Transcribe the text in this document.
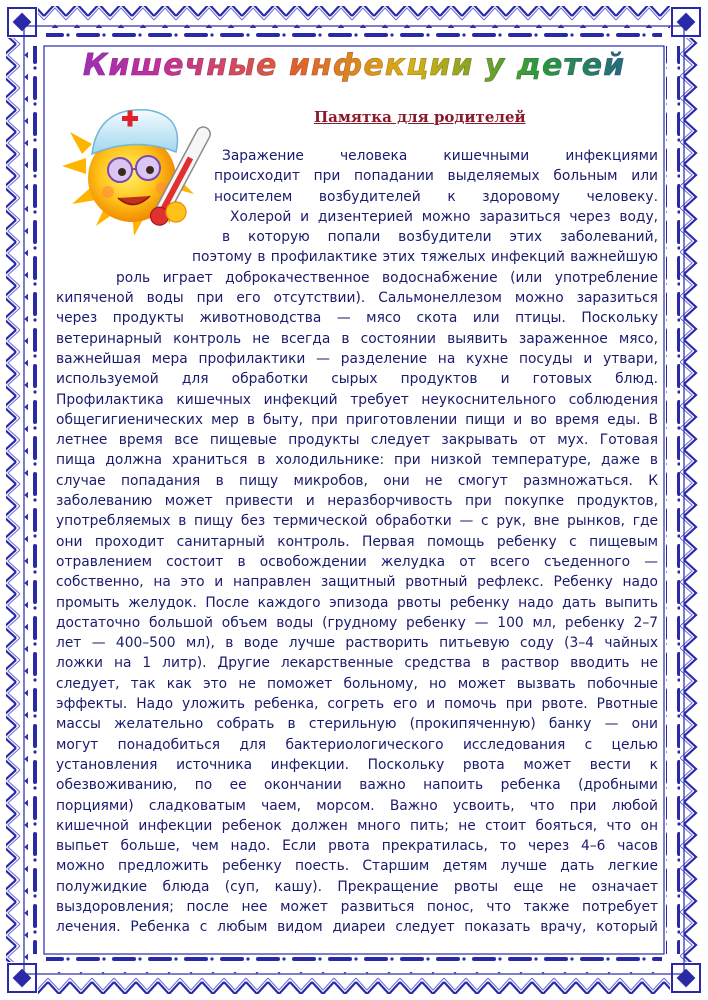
Кишечные инфекции у детей
Памятка для родителей
Заражение человека кишечными инфекциями
происходит при попадании выделяемых больным или
носителем возбудителей к здоровому человеку.
Холерой и дизентерией можно заразиться через воду,
в которую попали возбудители этих заболеваний,
поэтому в профилактике этих тяжелых инфекций важнейшую
роль играет доброкачественное водоснабжение (или употребление
кипяченой воды при его отсутствии). Сальмонеллезом можно заразиться
через продукты животноводства — мясо скота или птицы. Поскольку
ветеринарный контроль не всегда в состоянии выявить зараженное мясо,
важнейшая мера профилактики — разделение на кухне посуды и утвари,
используемой для обработки сырых продуктов и готовых блюд.
Профилактика кишечных инфекций требует неукоснительного соблюдения
общегигиенических мер в быту, при приготовлении пищи и во время еды. В
летнее время все пищевые продукты следует закрывать от мух. Готовая
пища должна храниться в холодильнике: при низкой температуре, даже в
случае попадания в пищу микробов, они не смогут размножаться. К
заболеванию может привести и неразборчивость при покупке продуктов,
употребляемых в пищу без термической обработки — с рук, вне рынков, где
они проходит санитарный контроль. Первая помощь ребенку с пищевым
отравлением состоит в освобождении желудка от всего съеденного —
собственно, на это и направлен защитный рвотный рефлекс. Ребенку надо
промыть желудок. После каждого эпизода рвоты ребенку надо дать выпить
достаточно большой объем воды (грудному ребенку — 100 мл, ребенку 2–7
лет — 400–500 мл), в воде лучше растворить питьевую соду (3–4 чайных
ложки на 1 литр). Другие лекарственные средства в раствор вводить не
следует, так как это не поможет больному, но может вызвать побочные
эффекты. Надо уложить ребенка, согреть его и помочь при рвоте. Рвотные
массы желательно собрать в стерильную (прокипяченную) банку — они
могут понадобиться для бактериологического исследования с целью
установления источника инфекции. Поскольку рвота может вести к
обезвоживанию, по ее окончании важно напоить ребенка (дробными
порциями) сладковатым чаем, морсом. Важно усвоить, что при любой
кишечной инфекции ребенок должен много пить; не стоит бояться, что он
выпьет больше, чем надо. Если рвота прекратилась, то через 4–6 часов
можно предложить ребенку поесть. Старшим детям лучше дать легкие
полужидкие блюда (суп, кашу). Прекращение рвоты еще не означает
выздоровления; после нее может развиться понос, что также потребует
лечения. Ребенка с любым видом диареи следует показать врачу, который
